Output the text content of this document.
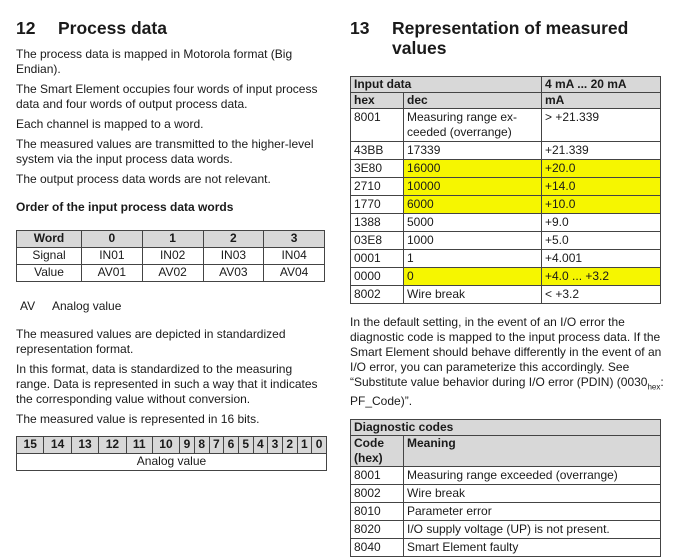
12	Process data

The process data is mapped in Motorola format (Big Endian).

The Smart Element occupies four words of input process data and four words of output process data.

Each channel is mapped to a word.

The measured values are transmitted to the higher-level system via the input process data words.

The output process data words are not relevant.

Order of the input process data words

Word	0	1	2	3
Signal	IN01	IN02	IN03	IN04
Value	AV01	AV02	AV03	AV04
AV	Analog value

The measured values are depicted in standardized representation format.

In this format, data is standardized to the measuring range. Data is represented in such a way that it indicates the corresponding value without conversion.

The measured value is represented in 16 bits.

15	14	13	12	11	10	9	8	7	6	5	4	3	2	1	0
Analog value
13	Representation of measured values
Input data		4 mA ... 20 mA
hex	dec	mA
8001	Measuring range ex-ceeded (overrange)	> +21.339
43BB	17339	+21.339
3E80	16000	+20.0
2710	10000	+14.0
1770	6000	+10.0
1388	5000	+9.0
03E8	1000	+5.0
0001	1	+4.001
0000	0	+4.0 ... +3.2
8002	Wire break	< +3.2

In the default setting, in the event of an I/O error the diagnostic code is mapped to the input process data. If the Smart Element should behave differently in the event of an I/O error, you can parameterize this accordingly. See “Substitute value behavior during I/O error (PDIN) ($0030_{hex}$: PF_Code)”.

Diagnostic codes	
Code (hex)	Meaning
8001	Measuring range exceeded (overrange)
8002	Wire break
8010	Parameter error
8020	I/O supply voltage (UP) is not present.
8040	Smart Element faulty
